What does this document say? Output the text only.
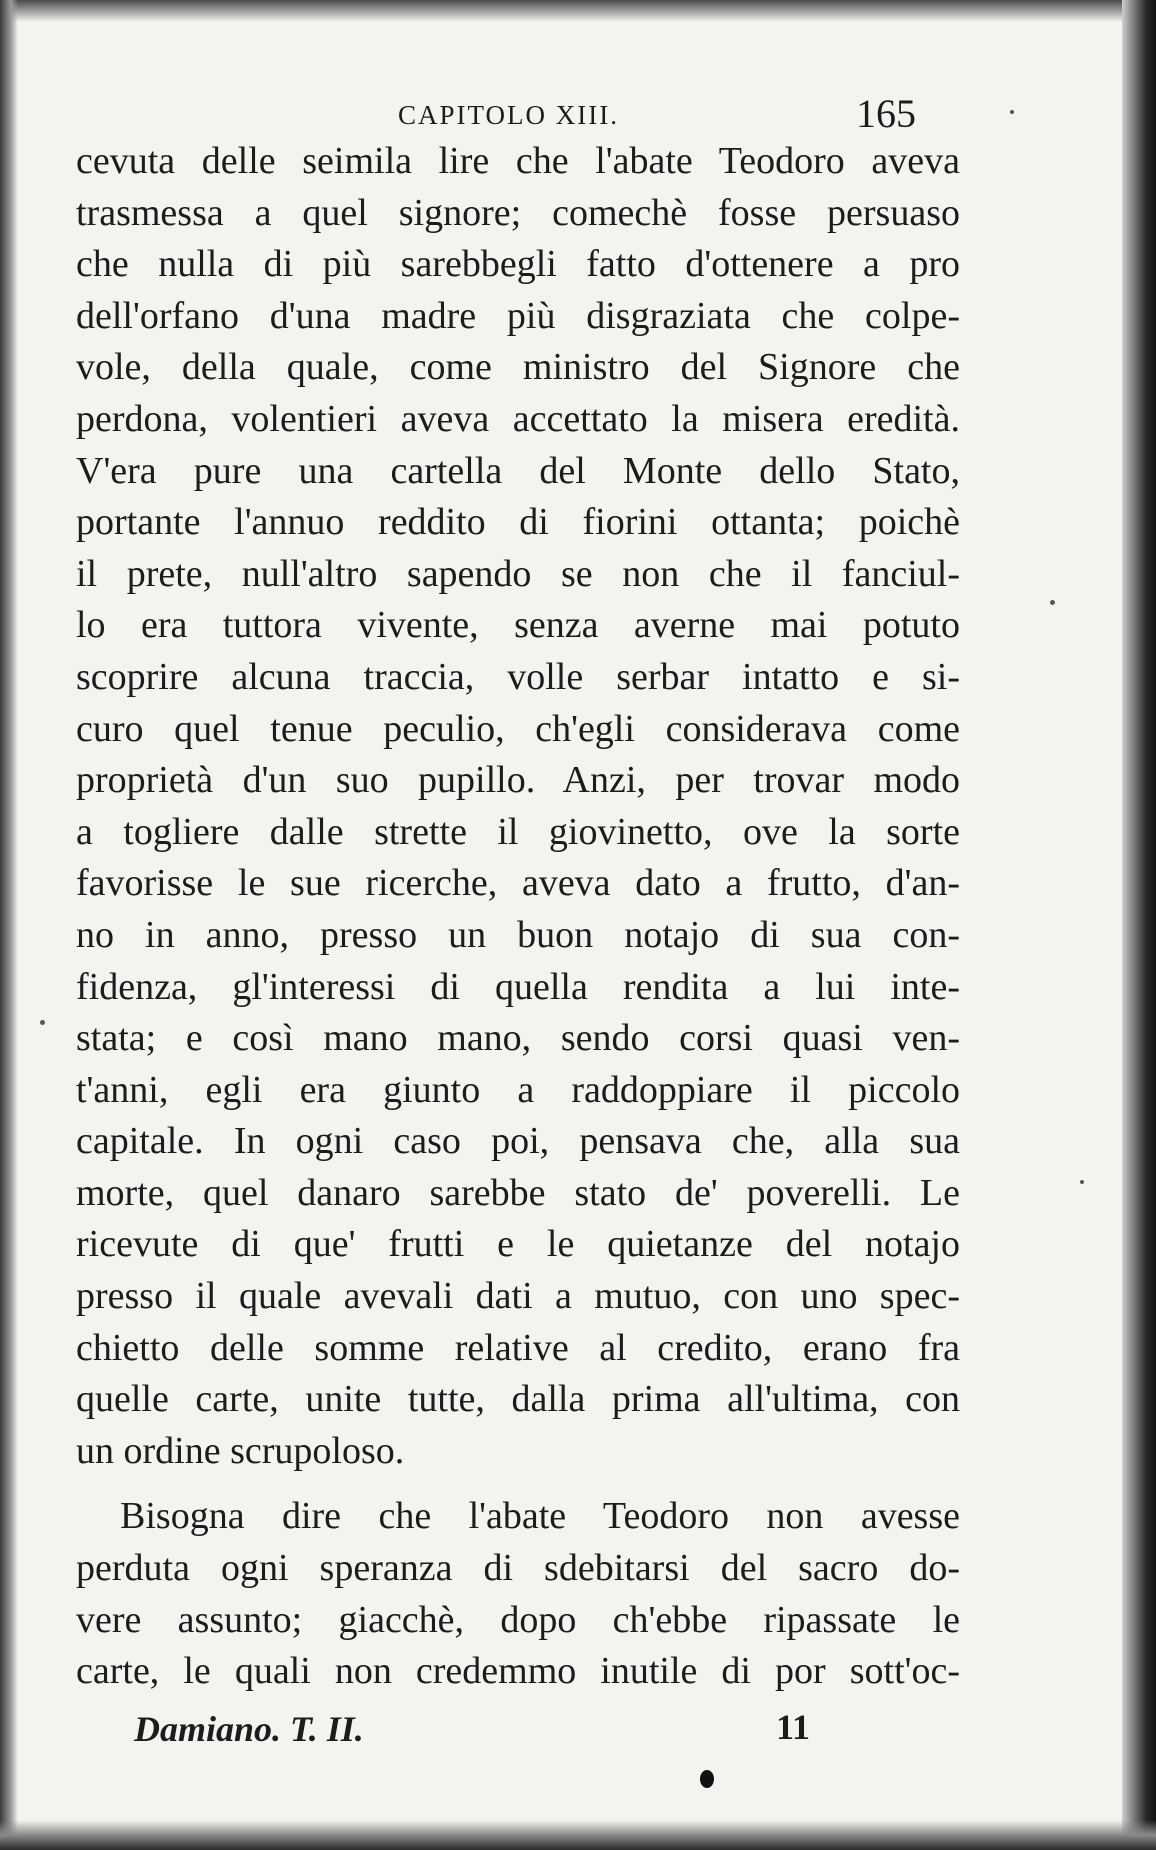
CAPITOLO XIII.	165

cevuta delle seimila lire che l'abate Teodoro aveva
trasmessa a quel signore; comechè fosse persuaso
che nulla di più sarebbegli fatto d'ottenere a pro
dell'orfano d'una madre più disgraziata che colpe-
vole, della quale, come ministro del Signore che
perdona, volentieri aveva accettato la misera eredità.
V'era pure una cartella del Monte dello Stato,
portante l'annuo reddito di fiorini ottanta; poichè
il prete, null'altro sapendo se non che il fanciul-
lo era tuttora vivente, senza averne mai potuto
scoprire alcuna traccia, volle serbar intatto e si-
curo quel tenue peculio, ch'egli considerava come
proprietà d'un suo pupillo. Anzi, per trovar modo
a togliere dalle strette il giovinetto, ove la sorte
favorisse le sue ricerche, aveva dato a frutto, d'an-
no in anno, presso un buon notajo di sua con-
fidenza, gl'interessi di quella rendita a lui inte-
stata; e così mano mano, sendo corsi quasi ven-
t'anni, egli era giunto a raddoppiare il piccolo
capitale. In ogni caso poi, pensava che, alla sua
morte, quel danaro sarebbe stato de' poverelli. Le
ricevute di que' frutti e le quietanze del notajo
presso il quale avevali dati a mutuo, con uno spec-
chietto delle somme relative al credito, erano fra
quelle carte, unite tutte, dalla prima all'ultima, con
un ordine scrupoloso.

Bisogna dire che l'abate Teodoro non avesse
perduta ogni speranza di sdebitarsi del sacro do-
vere assunto; giacchè, dopo ch'ebbe ripassate le
carte, le quali non credemmo inutile di por sott'oc-

Damiano. T. II.	11
